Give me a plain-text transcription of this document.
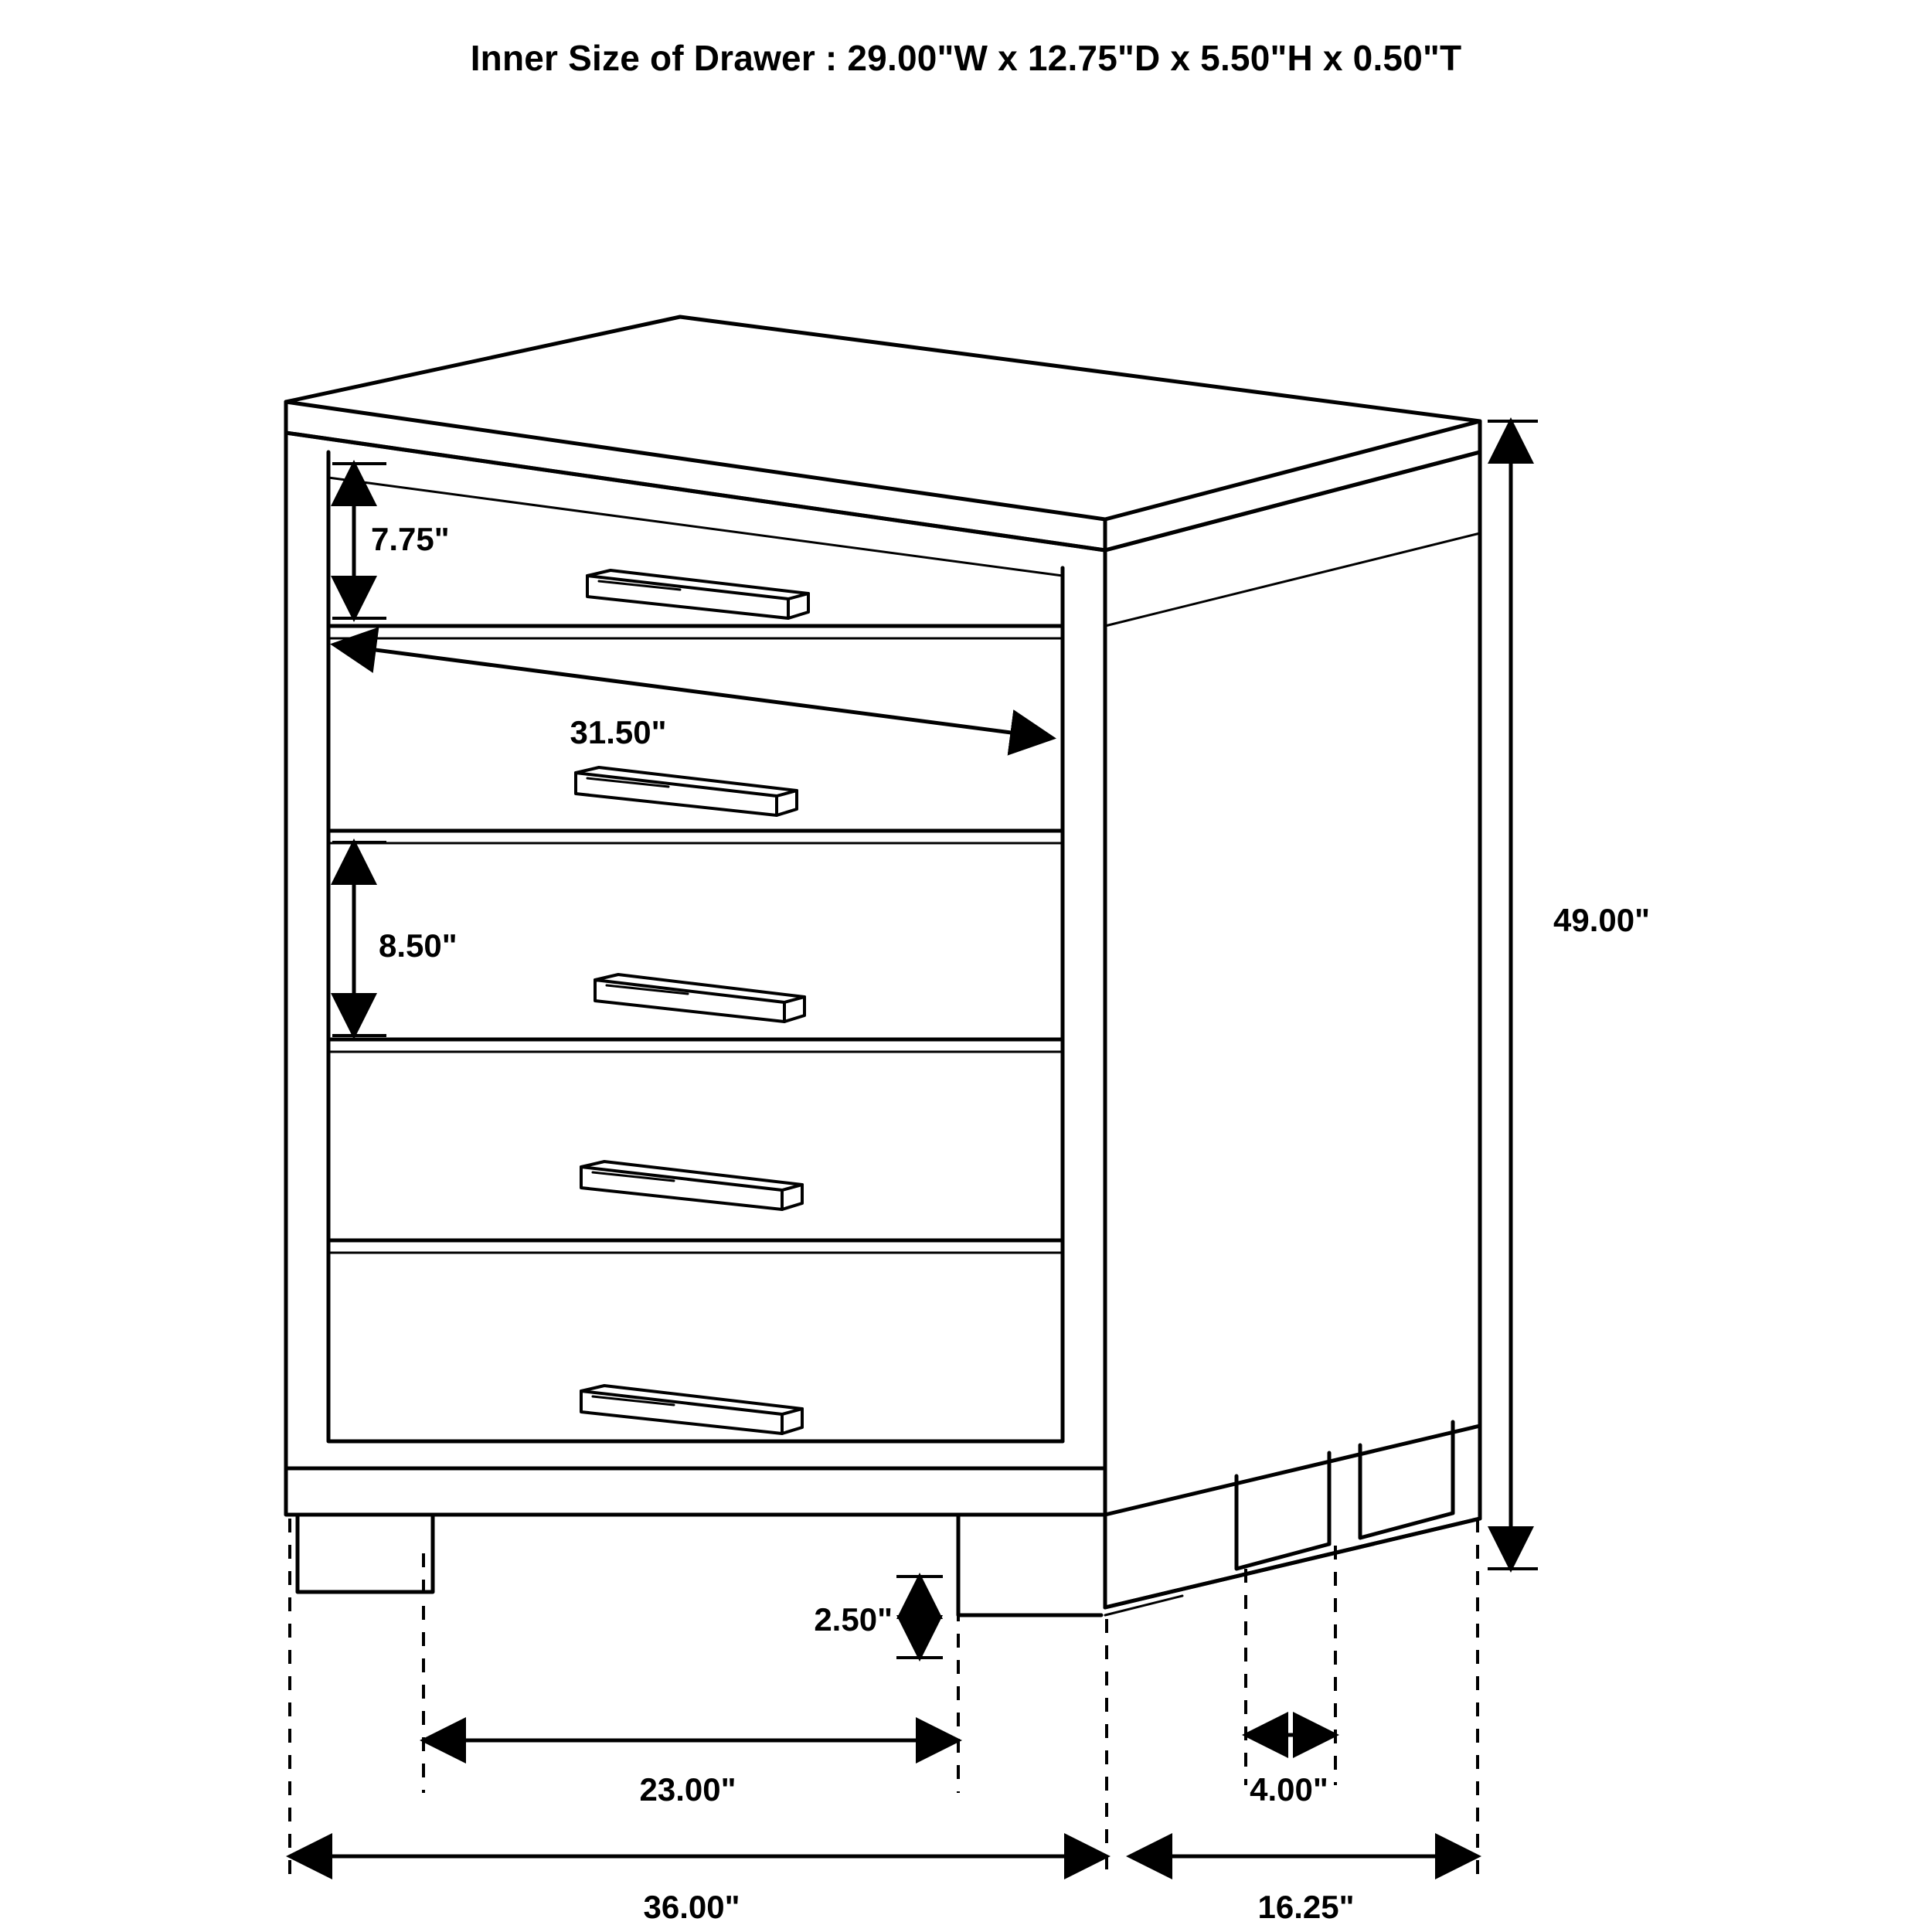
Inner Size of Drawer : 29.00"W x 12.75"D x 5.50"H x 0.50"T
7.75"
31.50"
8.50"
49.00"
2.50"
23.00"	4.00"
36.00"	16.25"
